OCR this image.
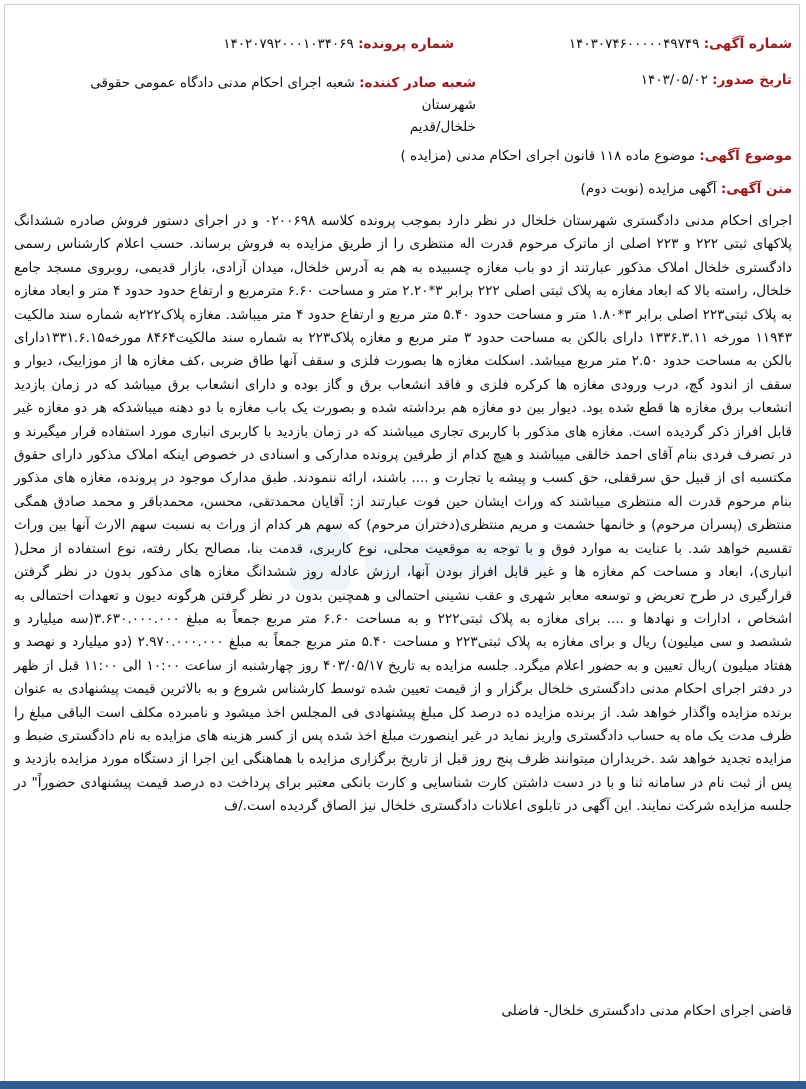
شماره آگهی: ۱۴۰۳۰۷۴۶۰۰۰۰۰۴۹۷۴۹
شماره پرونده: ۱۴۰۲۰۷۹۲۰۰۰۱۰۳۴۰۶۹
تاریخ صدور: ۱۴۰۳/۰۵/۰۲
شعبه صادر کننده: شعبه اجرای احکام مدنی دادگاه عمومی حقوقی شهرستان
خلخال/قدیم
موضوع آگهی: موضوع ماده ۱۱۸ قانون اجرای احکام مدنی (مزایده )
متن آگهی: آگهی مزایده (نوبت دوم)
اجرای احکام مدنی دادگستری شهرستان خلخال در نظر دارد بموجب پرونده کلاسه ۰۲۰۰۶۹۸ و در اجرای دستور فروش صادره ششدانگ پلاکهای ثبتی ۲۲۲ و ۲۲۳ اصلی از ماترک مرحوم قدرت اله منتظری را از طریق مزایده به فروش برساند. حسب اعلام کارشناس رسمی دادگستری خلخال املاک مذکور عبارتند از دو باب مغازه چسبیده به هم به آدرس خلخال، میدان آزادی، بازار قدیمی، روبروی مسجد جامع خلخال، راسته بالا که ابعاد مغازه به پلاک ثبتی اصلی ۲۲۲ برابر ۳*۲.۲۰ متر و مساحت ۶.۶۰ مترمربع و ارتفاع حدود حدود ۴ متر و ابعاد مغازه به پلاک ثبتی۲۲۳ اصلی برابر ۳*۱.۸۰ متر و مساحت حدود ۵.۴۰ متر مربع و ارتفاع حدود ۴ متر میباشد. مغازه پلاک۲۲۲به شماره سند مالکیت ۱۱۹۴۳ مورخه ۱۳۳۶.۳.۱۱ دارای بالکن به مساحت حدود ۳ متر مربع و مغازه پلاک۲۲۳ به شماره سند مالکیت۸۴۶۴ مورخه۱۳۳۱.۶.۱۵دارای بالکن به مساحت حدود ۲.۵۰ متر مربع میباشد. اسکلت مغازه ها بصورت فلزی و سقف آنها طاق ضربی ،کف مغازه ها از موزاییک، دیوار و سقف از اندود گچ، درب ورودی مغازه ها کرکره فلزی و فاقد انشعاب برق و گاز بوده و دارای انشعاب برق میباشد که در زمان بازدید انشعاب برق مغازه ها قطع شده بود. دیوار بین دو مغازه هم برداشته شده و بصورت یک باب مغازه با دو دهنه میباشدکه هر دو مغازه غیر قابل افراز ذکر گردیده است. مغازه های مذکور با کاربری تجاری میباشند که در زمان بازدید با کاربری انباری مورد استفاده قرار میگیرند و در تصرف فردی بنام آقای احمد خالقی میباشند و هیچ کدام از طرفین پرونده مدارکی و اسنادی در خصوص اینکه املاک مذکور دارای حقوق مکتسبه ای از قبیل حق سرقفلی، حق کسب و پیشه یا تجارت و .... باشند، ارائه ننمودند. طبق مدارک موجود در پرونده، مغازه های مذکور بنام مرحوم قدرت اله منتظری میباشند که وراث ایشان حین فوت عبارتند از: آقایان محمدتقی، محسن، محمدباقر و محمد صادق همگی منتظری (پسران مرحوم) و خانمها حشمت و مریم منتظری(دختران مرحوم) که سهم هر کدام از وراث به نسبت سهم الارث آنها بین وراث تقسیم خواهد شد. با عنایت به موارد فوق و با توجه به موقعیت محلی، نوع کاربری، قدمت بنا، مصالح بکار رفته، نوع استفاده از محل( انباری)، ابعاد و مساحت کم مغازه ها و غیر قابل افراز بودن آنها، ارزش عادله روز ششدانگ مغازه های مذکور بدون در نظر گرفتن قرارگیری در طرح تعریض و توسعه معابر شهری و عقب نشینی احتمالی و همچنین بدون در نظر گرفتن هرگونه دیون و تعهدات احتمالی به اشخاص ، ادارات و نهادها و .... برای مغازه به پلاک ثبتی۲۲۲ و به مساحت ۶.۶۰ متر مربع جمعاً به مبلغ ۳.۶۳۰.۰۰۰.۰۰۰(سه میلیارد و ششصد و سی میلیون) ریال و برای مغازه به پلاک ثبتی۲۲۳ و مساحت ۵.۴۰ متر مربع جمعاً به مبلغ ۲.۹۷۰.۰۰۰.۰۰۰ (دو میلیارد و نهصد و هفتاد میلیون )ریال تعیین و به حضور اعلام میگرد. جلسه مزایده به تاریخ ۴۰۳/۰۵/۱۷ روز چهارشنبه از ساعت ۱۰:۰۰ الی ۱۱:۰۰ قبل از ظهر در دفتر اجرای احکام مدنی دادگستری خلخال برگزار و از قیمت تعیین شده توسط کارشناس شروع و به بالاترین قیمت پیشنهادی به عنوان برنده مزایده واگذار خواهد شد. از برنده مزایده ده درصد کل مبلغ پیشنهادی فی المجلس اخذ میشود و نامبرده مکلف است الباقی مبلغ را ظرف مدت یک ماه به حساب دادگستری واریز نماید در غیر اینصورت مبلغ اخذ شده پس از کسر هزینه های مزایده به نام دادگستری ضبط و مزایده تجدید خواهد شد .خریداران میتوانند ظرف پنج روز قبل از تاریخ برگزاری مزایده با هماهنگی این اجرا از دستگاه مورد مزایده بازدید و پس از ثبت نام در سامانه ثنا و با در دست داشتن کارت شناسایی و کارت بانکی معتبر برای پرداخت ده درصد قیمت پیشنهادی حضوراً" در جلسه مزایده شرکت نمایند. این آگهی در تابلوی اعلانات دادگستری خلخال نیز الصاق گردیده است./ف
قاضی اجرای احکام مدنی دادگستری خلخال- فاضلی
